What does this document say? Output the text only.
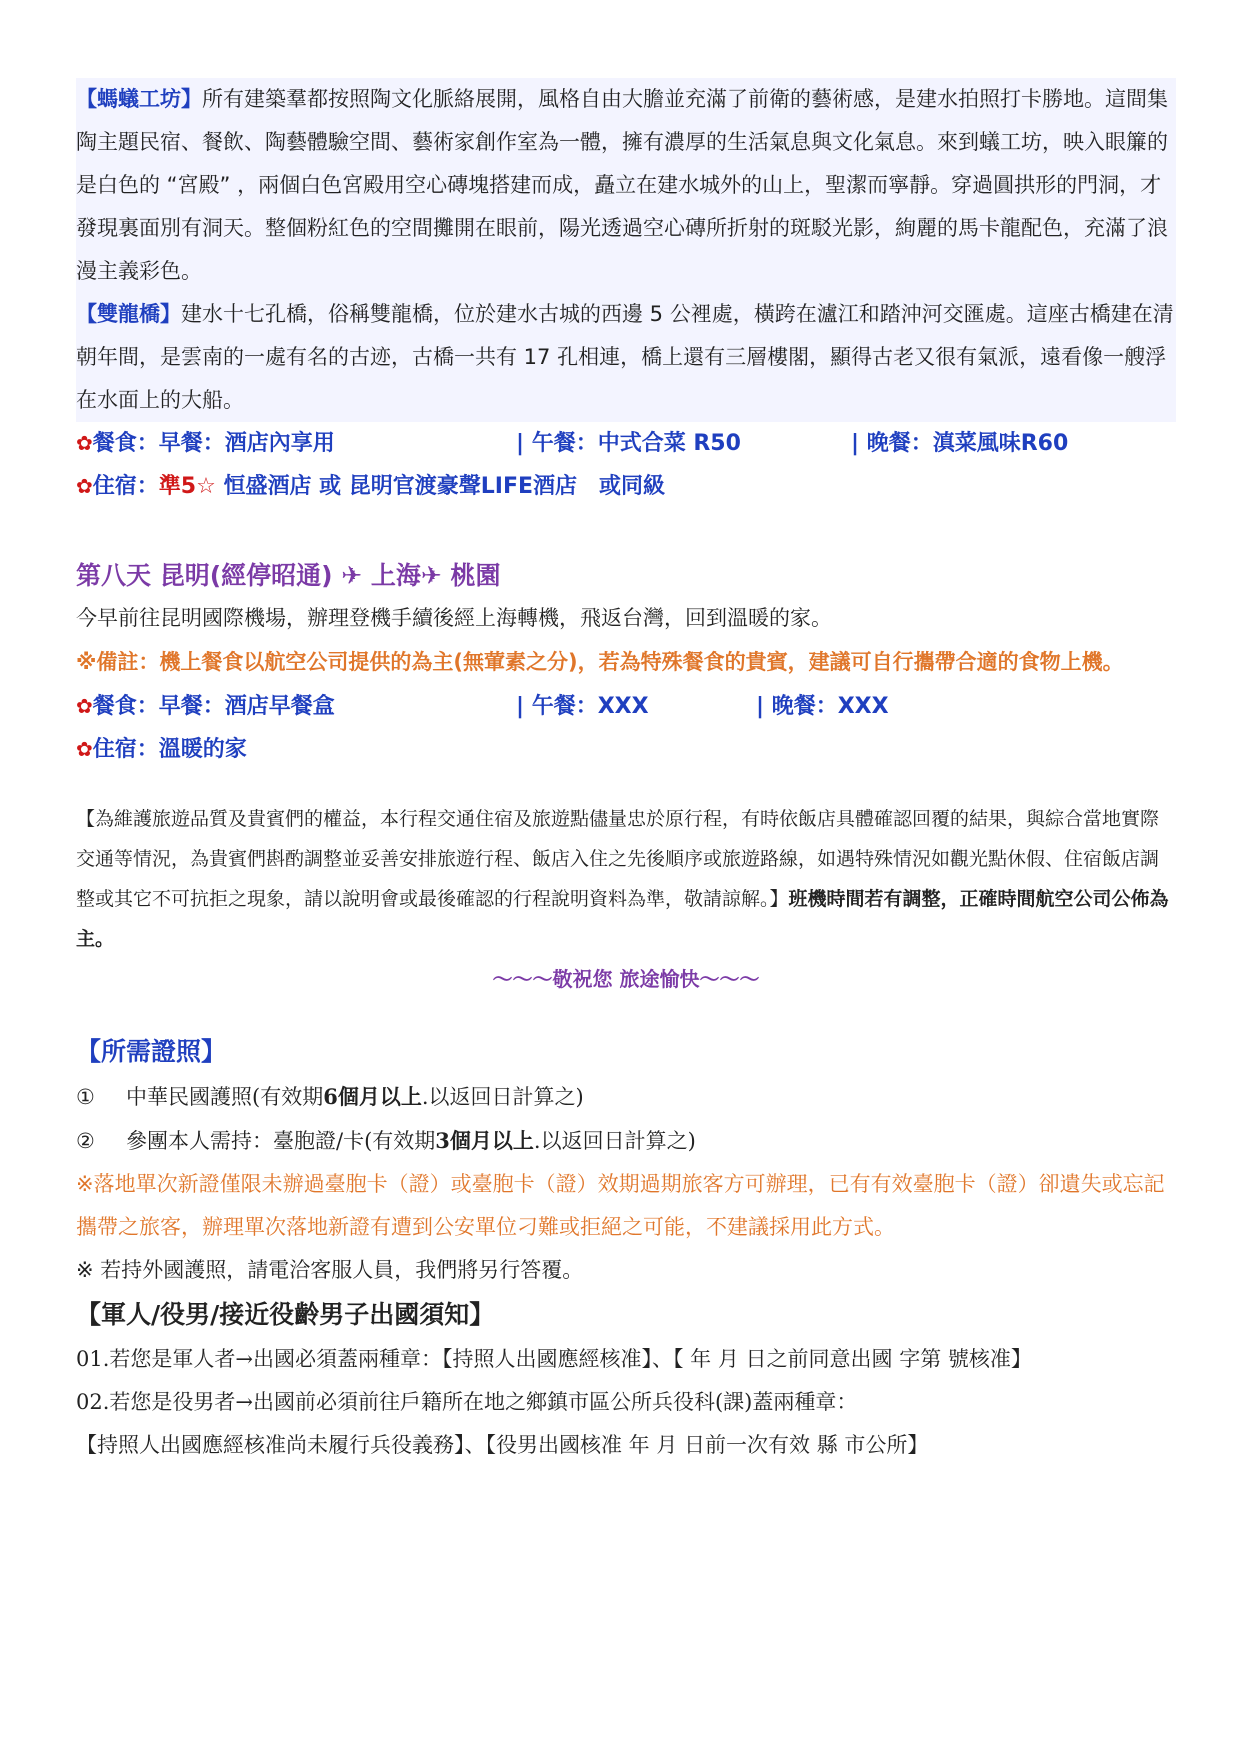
【螞蟻工坊】所有建築羣都按照陶文化脈絡展開，風格自由大膽並充滿了前衛的藝術感，是建水拍照打卡勝地。這間集陶主題民宿、餐飲、陶藝體驗空間、藝術家創作室為一體，擁有濃厚的生活氣息與文化氣息。來到蟻工坊，映入眼簾的是白色的 “宮殿” ，兩個白色宮殿用空心磚塊搭建而成，矗立在建水城外的山上，聖潔而寧靜。穿過圓拱形的門洞，才發現裏面別有洞天。整個粉紅色的空間攤開在眼前，陽光透過空心磚所折射的斑駁光影，絢麗的馬卡龍配色，充滿了浪漫主義彩色。

【雙龍橋】建水十七孔橋，俗稱雙龍橋，位於建水古城的西邊 5 公裡處，橫跨在瀘江和踏沖河交匯處。這座古橋建在清朝年間，是雲南的一處有名的古迹，古橋一共有 17 孔相連，橋上還有三層樓閣，顯得古老又很有氣派，遠看像一艘浮在水面上的大船。

✿餐食：早餐：酒店內享用	| 午餐：中式合菜 R50	| 晚餐：滇菜風味R60
✿住宿：準5☆ 恒盛酒店 或 昆明官渡豪聲LIFE酒店　或同級
第八天 昆明(經停昭通) ✈ 上海✈ 桃園

今早前往昆明國際機場，辦理登機手續後經上海轉機，飛返台灣，回到溫暖的家。

※備註：機上餐食以航空公司提供的為主(無葷素之分)，若為特殊餐食的貴賓，建議可自行攜帶合適的食物上機。

✿餐食：早餐：酒店早餐盒	| 午餐：XXX	| 晚餐：XXX
✿住宿：溫暖的家
【為維護旅遊品質及貴賓們的權益，本行程交通住宿及旅遊點儘量忠於原行程，有時依飯店具體確認回覆的結果，與綜合當地實際交通等情況，為貴賓們斟酌調整並妥善安排旅遊行程、飯店入住之先後順序或旅遊路線，如遇特殊情況如觀光點休假、住宿飯店調整或其它不可抗拒之現象，請以說明會或最後確認的行程說明資料為準，敬請諒解。】班機時間若有調整，正確時間航空公司公佈為主。
～～～敬祝您 旅途愉快～～～
【所需證照】
① 中華民國護照(有效期6個月以上.以返回日計算之)
② 參團本人需持：臺胞證/卡(有效期3個月以上.以返回日計算之)

※落地單次新證僅限未辦過臺胞卡（證）或臺胞卡（證）效期過期旅客方可辦理，已有有效臺胞卡（證）卻遺失或忘記攜帶之旅客，辦理單次落地新證有遭到公安單位刁難或拒絕之可能，不建議採用此方式。

※ 若持外國護照，請電洽客服人員，我們將另行答覆。

【軍人/役男/接近役齡男子出國須知】

01.若您是軍人者→出國必須蓋兩種章：【持照人出國應經核准】、【 年 月 日之前同意出國 字第 號核准】

02.若您是役男者→出國前必須前往戶籍所在地之鄉鎮市區公所兵役科(課)蓋兩種章：

【持照人出國應經核准尚未履行兵役義務】、【役男出國核准 年 月 日前一次有效 縣 市公所】
